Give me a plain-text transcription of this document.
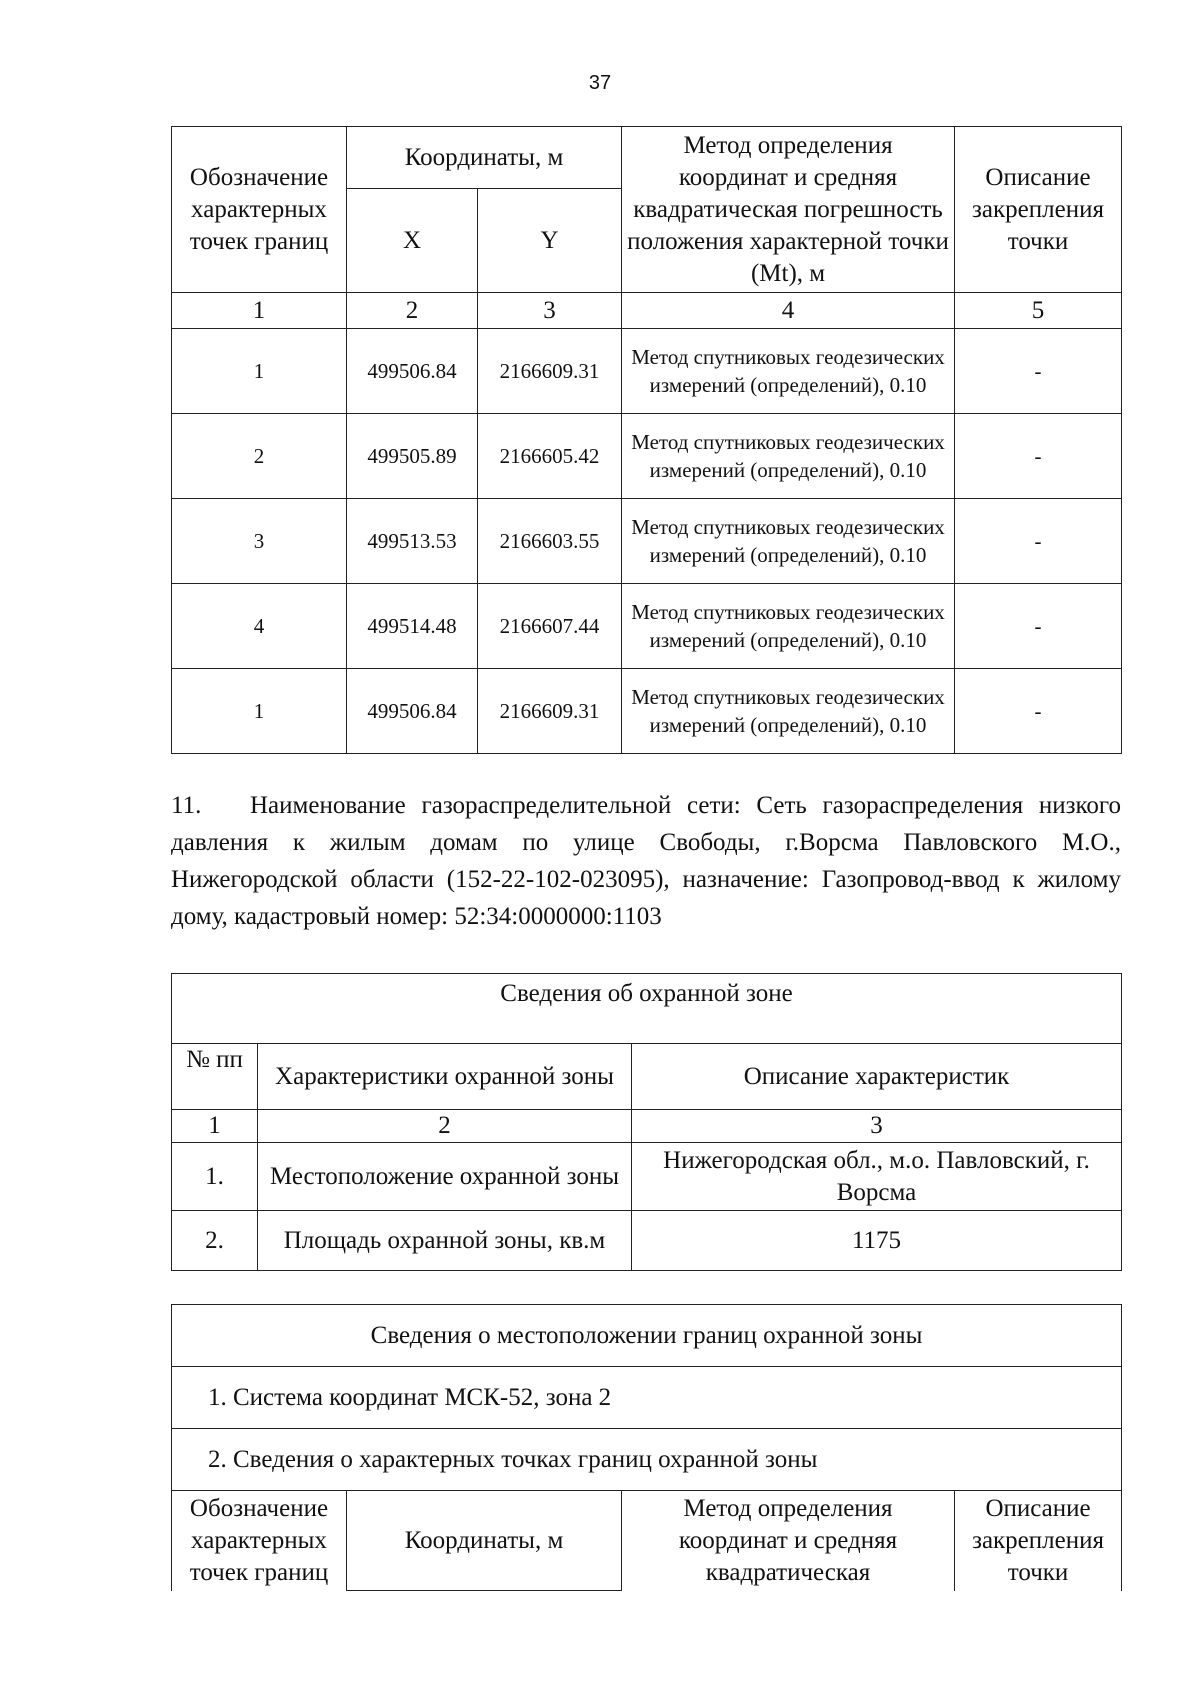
37
Обозначение характерных точек границ	Координаты, м		Метод определения координат и средняя квадратическая погрешность положения характерной точки (Mt), м	Описание закрепления точки
	X	Y		
1	2	3	4	5
1	499506.84	2166609.31	Метод спутниковых геодезических измерений (определений), 0.10	-
2	499505.89	2166605.42	Метод спутниковых геодезических измерений (определений), 0.10	-
3	499513.53	2166603.55	Метод спутниковых геодезических измерений (определений), 0.10	-
4	499514.48	2166607.44	Метод спутниковых геодезических измерений (определений), 0.10	-
1	499506.84	2166609.31	Метод спутниковых геодезических измерений (определений), 0.10	-

11. Наименование газораспределительной сети: Сеть газораспределения низкого давления к жилым домам по улице Свободы, г.Ворсма Павловского М.О., Нижегородской области (152-22-102-023095), назначение: Газопровод-ввод к жилому дому, кадастровый номер: 52:34:0000000:1103

Сведения об охранной зоне		
№ пп	Характеристики охранной зоны	Описание характеристик
1	2	3
1.	Местоположение охранной зоны	Нижегородская обл., м.о. Павловский, г. Ворсма
2.	Площадь охранной зоны, кв.м	1175
Сведения о местоположении границ охранной зоны
1. Система координат МСК-52, зона 2
2. Сведения о характерных точках границ охранной зоны
Обозначение характерных точек границ	Координаты, м	Метод определения координат и средняя квадратическая	Описание закрепления точки
